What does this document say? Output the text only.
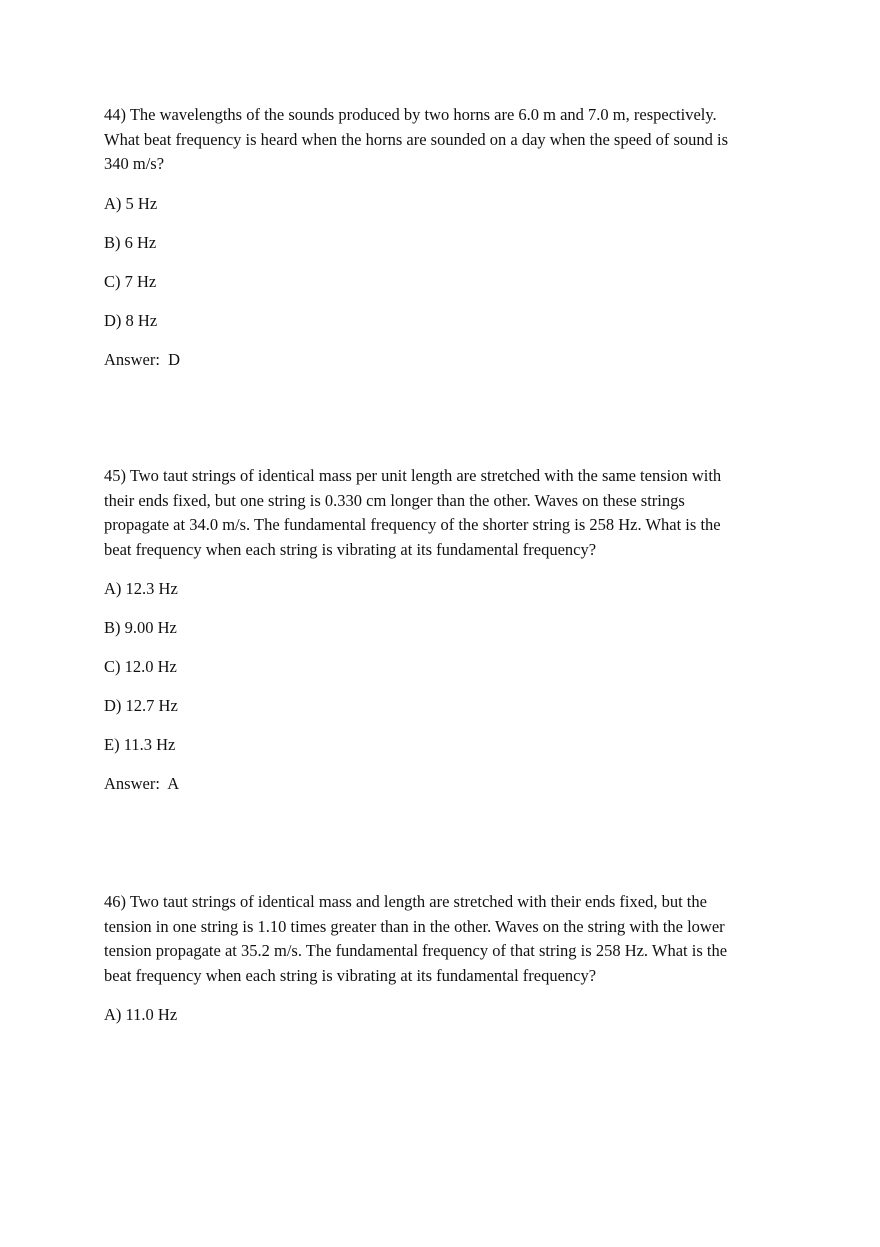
44) The wavelengths of the sounds produced by two horns are 6.0 m and 7.0 m, respectively.
What beat frequency is heard when the horns are sounded on a day when the speed of sound is
340 m/s?

A) 5 Hz
B) 6 Hz
C) 7 Hz
D) 8 Hz
Answer:  D

45) Two taut strings of identical mass per unit length are stretched with the same tension with
their ends fixed, but one string is 0.330 cm longer than the other. Waves on these strings
propagate at 34.0 m/s. The fundamental frequency of the shorter string is 258 Hz. What is the
beat frequency when each string is vibrating at its fundamental frequency?

A) 12.3 Hz
B) 9.00 Hz
C) 12.0 Hz
D) 12.7 Hz
E) 11.3 Hz
Answer:  A

46) Two taut strings of identical mass and length are stretched with their ends fixed, but the
tension in one string is 1.10 times greater than in the other. Waves on the string with the lower
tension propagate at 35.2 m/s. The fundamental frequency of that string is 258 Hz. What is the
beat frequency when each string is vibrating at its fundamental frequency?

A) 11.0 Hz
